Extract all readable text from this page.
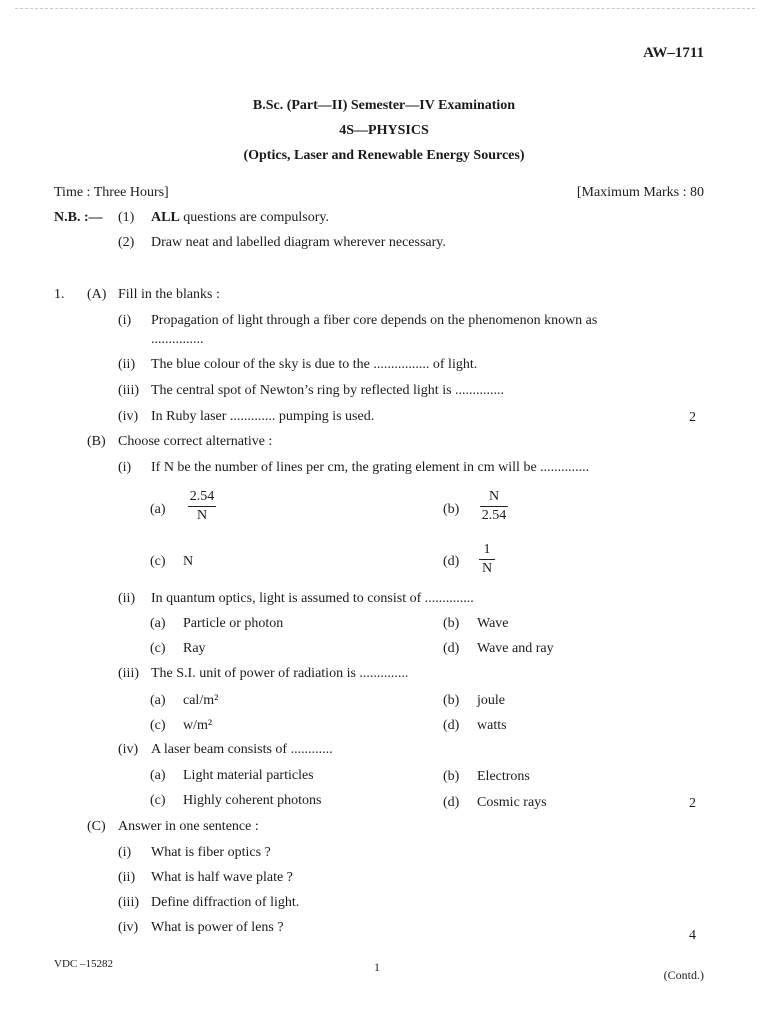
AW–1711
B.Sc. (Part—II) Semester—IV Examination
4S—PHYSICS
(Optics, Laser and Renewable Energy Sources)
Time : Three Hours]	[Maximum Marks : 80
N.B. :— (1) ALL questions are compulsory.
(2) Draw neat and labelled diagram wherever necessary.
1. (A) Fill in the blanks :
(i) Propagation of light through a fiber core depends on the phenomenon known as
...............
(ii) The blue colour of the sky is due to the ................ of light.
(iii) The central spot of Newton’s ring by reflected light is ..............
(iv) In Ruby laser ............. pumping is used.	2
(B) Choose correct alternative :
(i) If N be the number of lines per cm, the grating element in cm will be ..............
(a)
2.54
N	(b)
N
2.54
(c) N	(d)
1
N
(ii) In quantum optics, light is assumed to consist of ..............
(a) Particle or photon	(b) Wave
(c) Ray	(d) Wave and ray
(iii) The S.I. unit of power of radiation is ..............
(a) cal/m²	(b) joule
(c) w/m²	(d) watts
(iv) A laser beam consists of ............
(a) Light material particles	(b) Electrons
(c) Highly coherent photons	(d) Cosmic rays	2
(C) Answer in one sentence :
(i) What is fiber optics ?
(ii) What is half wave plate ?
(iii) Define diffraction of light.
(iv) What is power of lens ?
4
VDC –15282	1
(Contd.)
